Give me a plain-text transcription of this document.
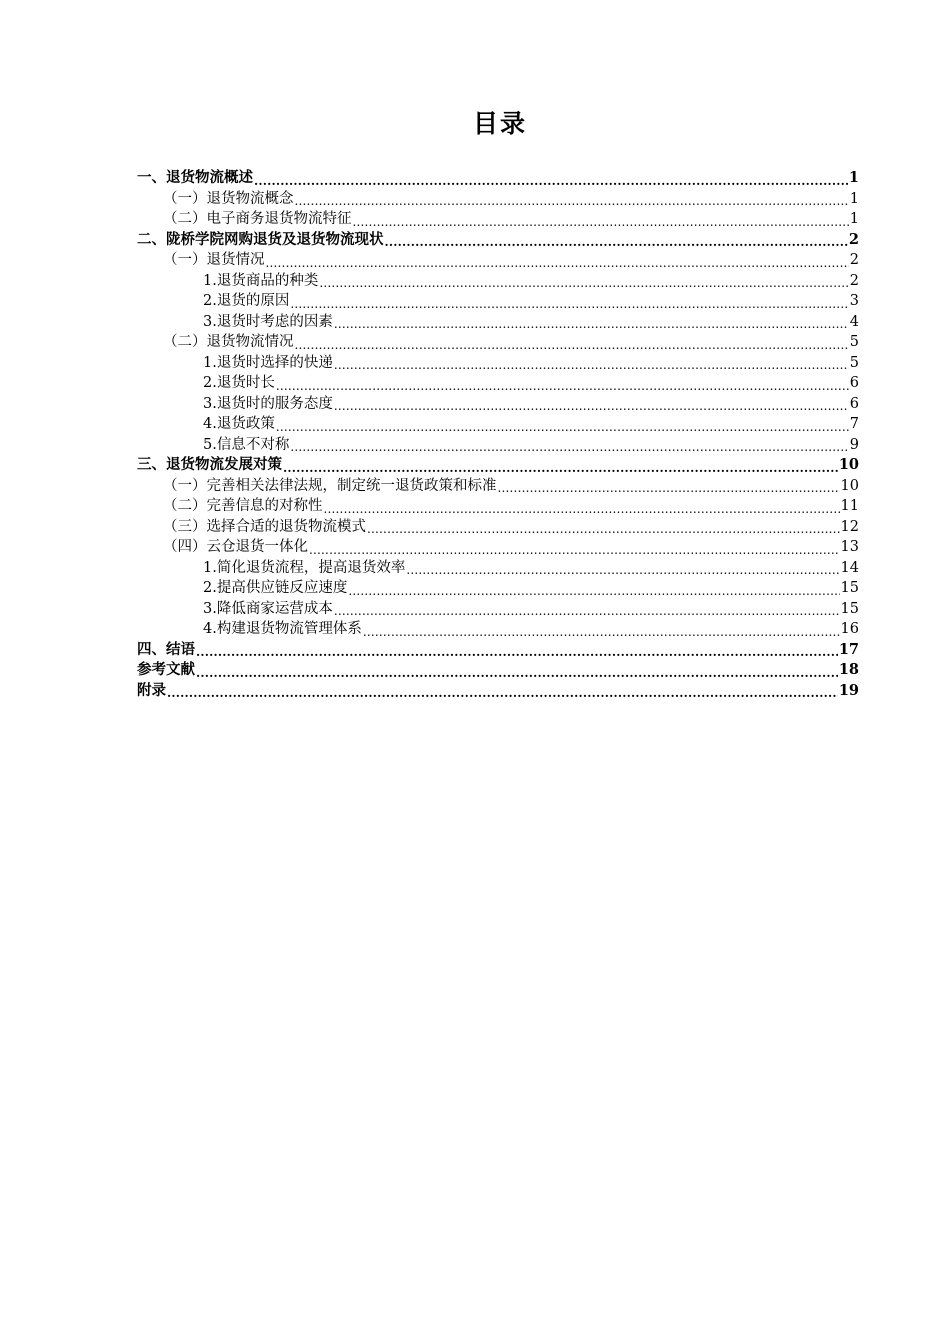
目录
一、退货物流概述 .....	1
（一）退货物流概念 .....	1
（二）电子商务退货物流特征 .....	1
二、陇桥学院网购退货及退货物流现状 .....	2
（一）退货情况 .....	2
1.退货商品的种类 .....	2
2.退货的原因 .....	3
3.退货时考虑的因素 .....	4
（二）退货物流情况 .....	5
1.退货时选择的快递 .....	5
2.退货时长 .....	6
3.退货时的服务态度 .....	6
4.退货政策 .....	7
5.信息不对称 .....	9
三、退货物流发展对策 .....	10
（一）完善相关法律法规，制定统一退货政策和标准 .....	10
（二）完善信息的对称性 .....	11
（三）选择合适的退货物流模式 .....	12
（四）云仓退货一体化 .....	13
1.简化退货流程，提高退货效率 .....	14
2.提高供应链反应速度 .....	15
3.降低商家运营成本 .....	15
4.构建退货物流管理体系 .....	16
四、结语 .....	17
参考文献 .....	18
附录 .....	19
